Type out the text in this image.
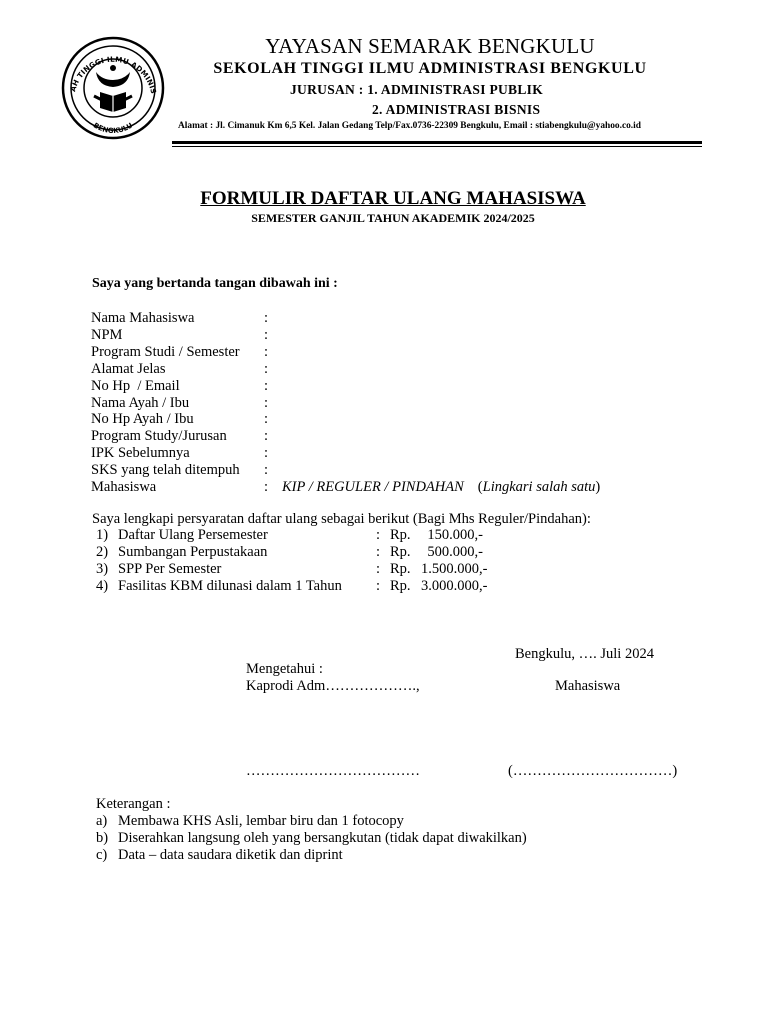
AH TINGGI ILMU ADMINIS
BENGKULU
YAYASAN SEMARAK BENGKULU
SEKOLAH TINGGI ILMU ADMINISTRASI BENGKULU
JURUSAN : 1. ADMINISTRASI PUBLIK
2. ADMINISTRASI BISNIS
Alamat : Jl. Cimanuk Km 6,5 Kel. Jalan Gedang Telp/Fax.0736-22309 Bengkulu, Email : stiabengkulu@yahoo.co.id
FORMULIR DAFTAR ULANG MAHASISWA
SEMESTER GANJIL TAHUN AKADEMIK 2024/2025
Saya yang bertanda tangan dibawah ini :
Nama Mahasiswa	:
NPM	:
Program Studi / Semester	:
Alamat Jelas	:
No Hp  / Email	:
Nama Ayah / Ibu	:
No Hp Ayah / Ibu	:
Program Study/Jurusan	:
IPK Sebelumnya	:
SKS yang telah ditempuh	:
Mahasiswa	: KIP / REGULER / PINDAHAN (Lingkari salah satu)
Saya lengkapi persyaratan daftar ulang sebagai berikut (Bagi Mhs Reguler/Pindahan):
1) Daftar Ulang Persemester	: Rp.	150.000,-
2) Sumbangan Perpustakaan	: Rp.	500.000,-
3) SPP Per Semester	: Rp. 1.500.000,-
4) Fasilitas KBM dilunasi dalam 1 Tahun	: Rp. 3.000.000,-
Bengkulu, …. Juli 2024
Mengetahui :
Kaprodi Adm……………….,	Mahasiswa
………………………………	(……………………………)
Keterangan :
a) Membawa KHS Asli, lembar biru dan 1 fotocopy
b) Diserahkan langsung oleh yang bersangkutan (tidak dapat diwakilkan)
c) Data – data saudara diketik dan diprint
